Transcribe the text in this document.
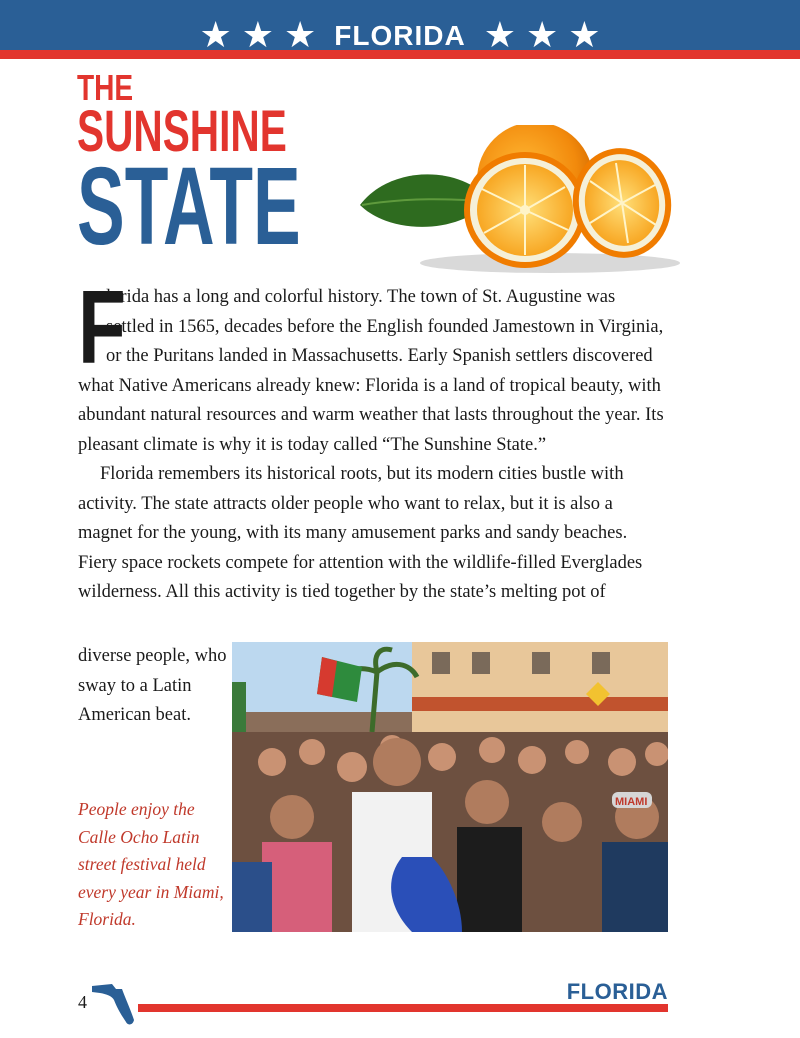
★ ★ ★ FLORIDA ★ ★ ★
THE
SUNSHINE
STATE

F
lorida has a long and colorful history. The town of St. Augustine was settled in 1565, decades before the English founded Jamestown in Virginia, or the Puritans landed in Massachusetts. Early Spanish settlers discovered what Native Americans already knew: Florida is a land of tropical beauty, with abundant natural resources and warm weather that lasts throughout the year. Its pleasant climate is why it is today called “The Sunshine State.”

Florida remembers its historical roots, but its modern cities bustle with activity. The state attracts older people who want to relax, but it is also a magnet for the young, with its many amusement parks and sandy beaches. Fiery space rockets compete for attention with the wildlife-filled Everglades wilderness. All this activity is tied together by the state’s melting pot of

diverse people, who sway to a Latin American beat.

People enjoy the Calle Ocho Latin street festival held every year in Miami, Florida.

MIAMI
4	FLORIDA
